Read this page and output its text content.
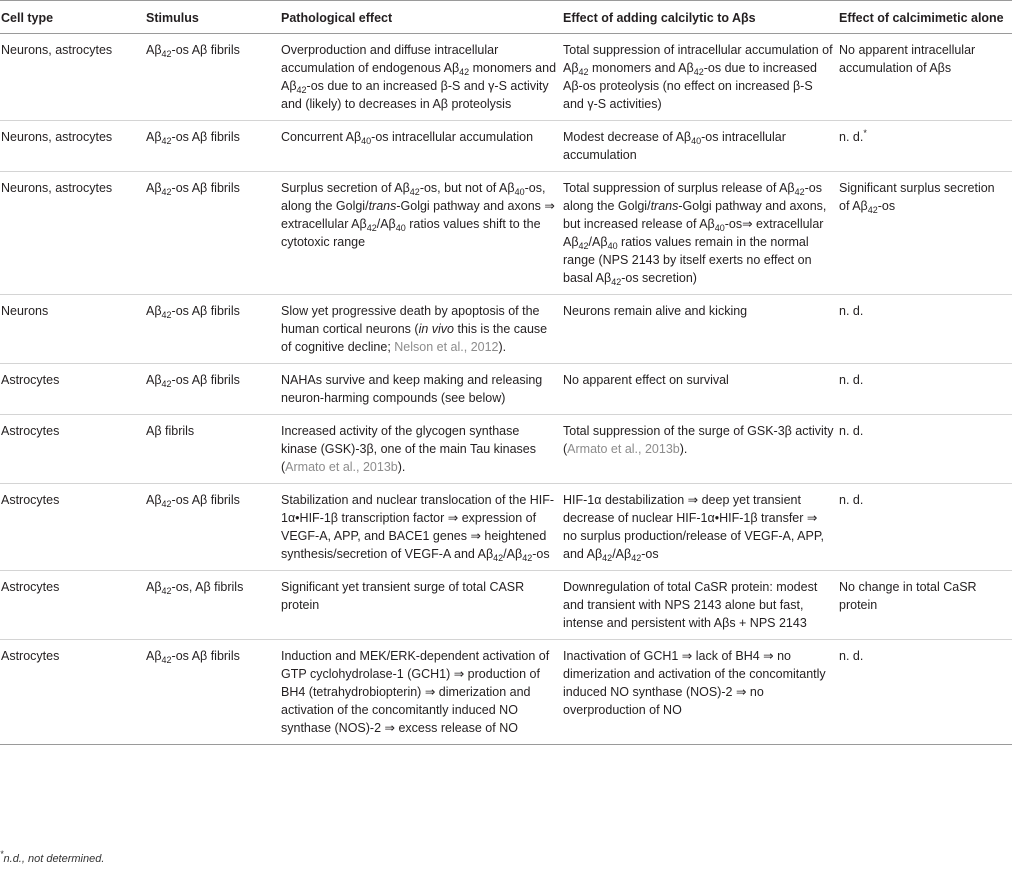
Cell type	Stimulus	Pathological effect	Effect of adding calcilytic to Aβs	Effect of calcimimetic alone
Neurons, astrocytes	$A\beta_{42}-os$ Aβ fibrils	Overproduction and diffuse intracellular accumulation of endogenous $A\beta_{42}$ monomers and $A\beta_{42}-os$ due to an increased β-S and γ-S activity and (likely) to decreases in Aβ proteolysis	Total suppression of intracellular accumulation of $A\beta_{42}$ monomers and $A\beta_{42}-os$ due to increased Aβ-os proteolysis (no effect on increased β-S and γ-S activities)	No apparent intracellular accumulation of Aβs
Neurons, astrocytes	$A\beta_{42}-os$ Aβ fibrils	Concurrent $A\beta_{40}-os$ intracellular accumulation	Modest decrease of $A\beta_{40}-os$ intracellular accumulation	n. d.*
Neurons, astrocytes	$A\beta_{42}-os$ Aβ fibrils	Surplus secretion of $A\beta_{42}-os$, but not of $A\beta_{40}-os$, along the Golgi/trans-Golgi pathway and axons ⇒ extracellular $A\beta_{42}/A\beta_{40}$ ratios values shift to the cytotoxic range	Total suppression of surplus release of $A\beta_{42}-os$ along the Golgi/trans-Golgi pathway and axons, but increased release of $A\beta_{40}-os\Rightarrow$ extracellular $A\beta_{42}/A\beta_{40}$ ratios values remain in the normal range (NPS 2143 by itself exerts no effect on basal $A\beta_{42}-os$ secretion)	Significant surplus secretion of $A\beta_{42}-os$
Neurons	$A\beta_{42}-os$ Aβ fibrils	Slow yet progressive death by apoptosis of the human cortical neurons (in vivo this is the cause of cognitive decline; Nelson et al., 2012).	Neurons remain alive and kicking	n. d.
Astrocytes	$A\beta_{42}-os$ Aβ fibrils	NAHAs survive and keep making and releasing neuron-harming compounds (see below)	No apparent effect on survival	n. d.
Astrocytes	Aβ fibrils	Increased activity of the glycogen synthase kinase (GSK)-3β, one of the main Tau kinases (Armato et al., 2013b).	Total suppression of the surge of GSK-3β activity (Armato et al., 2013b).	n. d.
Astrocytes	$A\beta_{42}-os$ Aβ fibrils	Stabilization and nuclear translocation of the HIF-1α•HIF-1β transcription factor ⇒ expression of VEGF-A, APP, and BACE1 genes ⇒ heightened synthesis/secretion of VEGF-A and $A\beta_{42}/A\beta_{42}-os$	HIF-1α destabilization ⇒ deep yet transient decrease of nuclear HIF-1α•HIF-1β transfer ⇒ no surplus production/release of VEGF-A, APP, and $A\beta_{42}/A\beta_{42}-os$	n. d.
Astrocytes	$A\beta_{42}-os$, Aβ fibrils	Significant yet transient surge of total CASR protein	Downregulation of total CaSR protein: modest and transient with NPS 2143 alone but fast, intense and persistent with Aβs + NPS 2143	No change in total CaSR protein
Astrocytes	$A\beta_{42}-os$ Aβ fibrils	Induction and MEK/ERK-dependent activation of GTP cyclohydrolase-1 (GCH1) ⇒ production of BH4 (tetrahydrobiopterin) ⇒ dimerization and activation of the concomitantly induced NO synthase (NOS)-2 ⇒ excess release of NO	Inactivation of GCH1 ⇒ lack of BH4 ⇒ no dimerization and activation of the concomitantly induced NO synthase (NOS)-2 ⇒ no overproduction of NO	n. d.
*n.d., not determined.
